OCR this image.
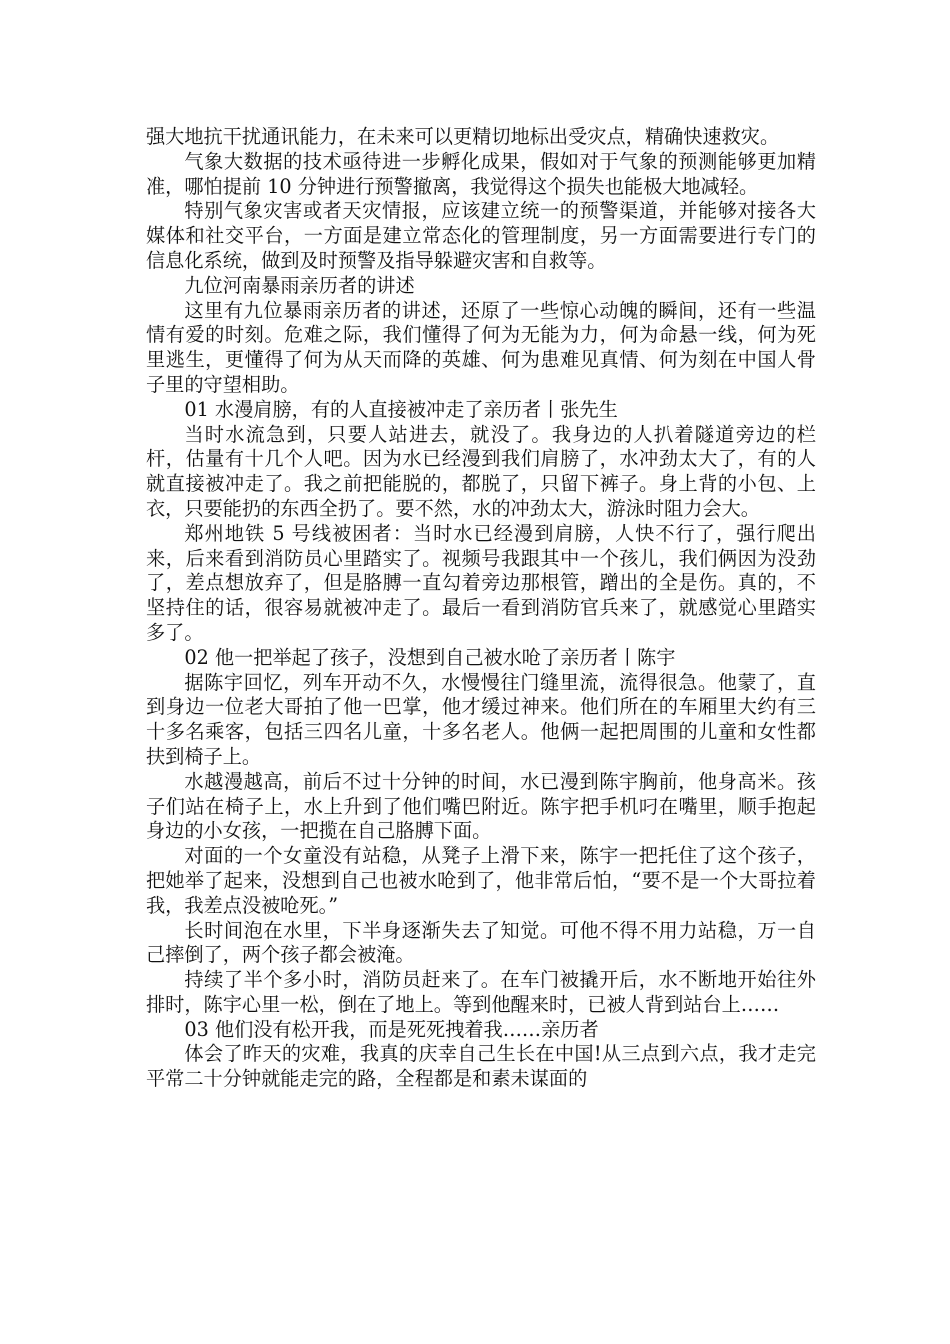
强大地抗干扰通讯能力，在未来可以更精切地标出受灾点，精确快速救灾。

气象大数据的技术亟待进一步孵化成果，假如对于气象的预测能够更加精准，哪怕提前 10 分钟进行预警撤离，我觉得这个损失也能极大地减轻。

特别气象灾害或者天灾情报，应该建立统一的预警渠道，并能够对接各大媒体和社交平台，一方面是建立常态化的管理制度，另一方面需要进行专门的信息化系统，做到及时预警及指导躲避灾害和自救等。

九位河南暴雨亲历者的讲述

这里有九位暴雨亲历者的讲述，还原了一些惊心动魄的瞬间，还有一些温情有爱的时刻。危难之际，我们懂得了何为无能为力，何为命悬一线，何为死里逃生，更懂得了何为从天而降的英雄、何为患难见真情、何为刻在中国人骨子里的守望相助。

01 水漫肩膀，有的人直接被冲走了亲历者丨张先生

当时水流急到，只要人站进去，就没了。我身边的人扒着隧道旁边的栏杆，估量有十几个人吧。因为水已经漫到我们肩膀了，水冲劲太大了，有的人就直接被冲走了。我之前把能脱的，都脱了，只留下裤子。身上背的小包、上衣，只要能扔的东西全扔了。要不然，水的冲劲太大，游泳时阻力会大。

郑州地铁 5 号线被困者：当时水已经漫到肩膀，人快不行了，强行爬出来，后来看到消防员心里踏实了。视频号我跟其中一个孩儿，我们俩因为没劲了，差点想放弃了，但是胳膊一直勾着旁边那根管，蹭出的全是伤。真的，不坚持住的话，很容易就被冲走了。最后一看到消防官兵来了，就感觉心里踏实多了。

02 他一把举起了孩子，没想到自己被水呛了亲历者丨陈宇

据陈宇回忆，列车开动不久，水慢慢往门缝里流，流得很急。他蒙了，直到身边一位老大哥拍了他一巴掌，他才缓过神来。他们所在的车厢里大约有三十多名乘客，包括三四名儿童，十多名老人。他俩一起把周围的儿童和女性都扶到椅子上。

水越漫越高，前后不过十分钟的时间，水已漫到陈宇胸前，他身高米。孩子们站在椅子上，水上升到了他们嘴巴附近。陈宇把手机叼在嘴里，顺手抱起身边的小女孩，一把揽在自己胳膊下面。

对面的一个女童没有站稳，从凳子上滑下来，陈宇一把托住了这个孩子，把她举了起来，没想到自己也被水呛到了，他非常后怕，“要不是一个大哥拉着我，我差点没被呛死。”

长时间泡在水里，下半身逐渐失去了知觉。可他不得不用力站稳，万一自己摔倒了，两个孩子都会被淹。

持续了半个多小时，消防员赶来了。在车门被撬开后，水不断地开始往外排时，陈宇心里一松，倒在了地上。等到他醒来时，已被人背到站台上……

03 他们没有松开我，而是死死拽着我……亲历者

体会了昨天的灾难，我真的庆幸自己生长在中国!从三点到六点，我才走完平常二十分钟就能走完的路，全程都是和素未谋面的
